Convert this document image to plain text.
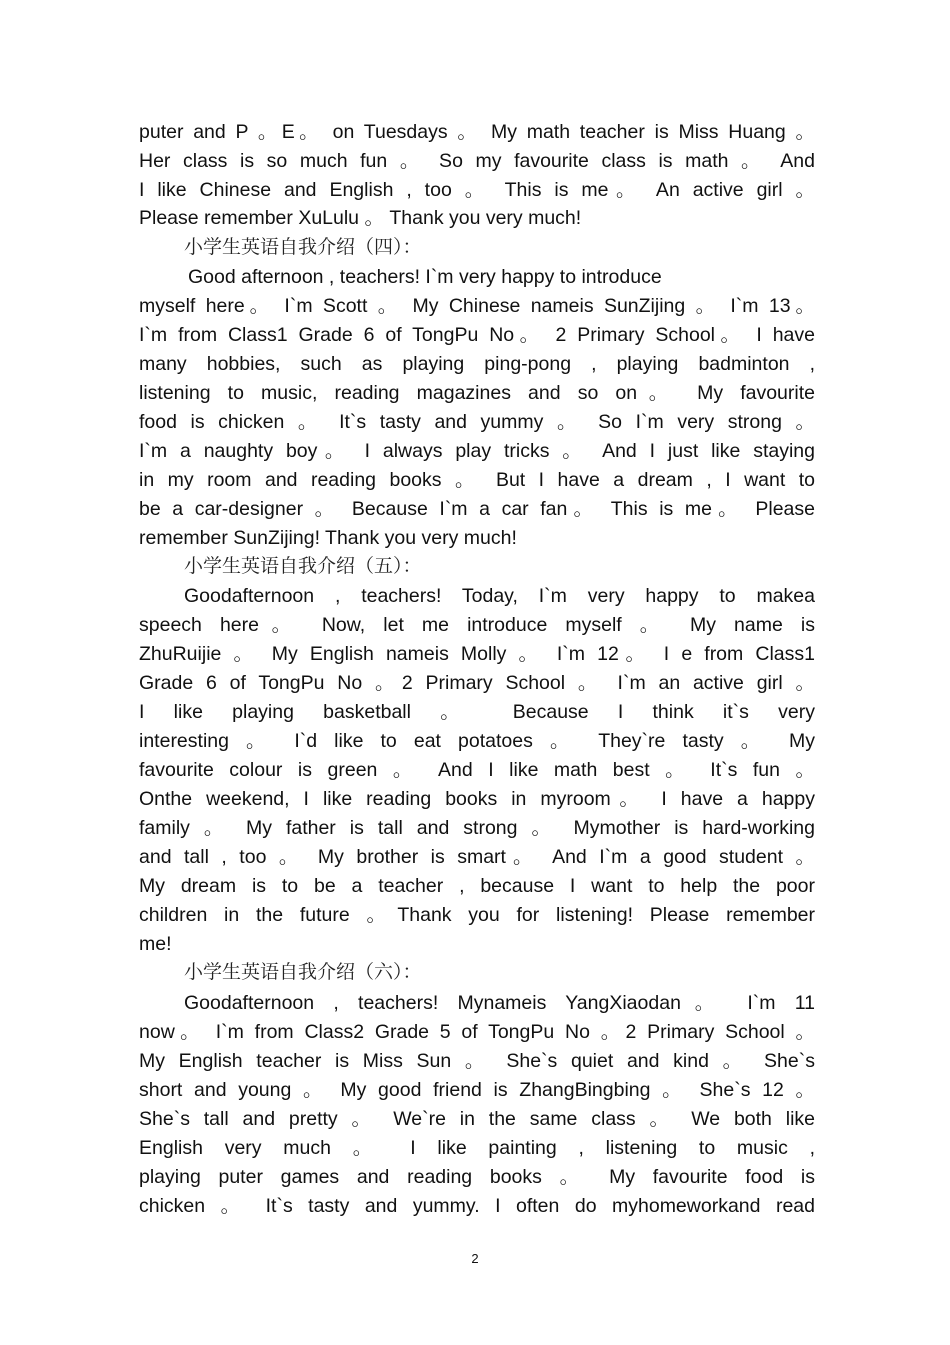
puter and P 。E。 on Tuesdays 。 My math teacher is Miss Huang 。
Her class is so much fun 。 So my favourite class is math 。 And
I like Chinese and English , too 。 This is me。 An active girl 。
Please remember XuLulu 。 Thank you very much!
小学生英语自我介绍（四）：
Good afternoon , teachers! I`m very happy to introduce
myself here。 I`m Scott 。 My Chinese nameis SunZijing 。 I`m 13。
I`m from Class1 Grade 6 of TongPu No。 2 Primary School。 I have
many hobbies, such as playing ping-pong , playing badminton ,
listening to music, reading magazines and so on。 My favourite
food is chicken 。 It`s tasty and yummy 。 So I`m very strong 。
I`m a naughty boy。 I always play tricks 。 And I just like staying
in my room and reading books 。 But I have a dream , I want to
be a car-designer 。 Because I`m a car fan。 This is me。 Please
remember SunZijing! Thank you very much!
小学生英语自我介绍（五）：
Goodafternoon , teachers! Today, I`m very happy to makea
speech here。 Now, let me introduce myself 。 My name is
ZhuRuijie 。 My English nameis Molly 。 I`m 12。 I e from Class1
Grade 6 of TongPu No 。2 Primary School 。 I`m an active girl 。
I like playing basketball 。 Because I think it`s very
interesting 。 I`d like to eat potatoes 。 They`re tasty 。 My
favourite colour is green 。 And I like math best 。 It`s fun 。
Onthe weekend, I like reading books in myroom。 I have a happy
family 。 My father is tall and strong 。 Mymother is hard-working
and tall , too 。 My brother is smart。 And I`m a good student 。
My dream is to be a teacher , because I want to help the poor
children in the future 。Thank you for listening! Please remember
me!
小学生英语自我介绍（六）：
Goodafternoon , teachers! Mynameis YangXiaodan。 I`m 11
now。 I`m from Class2 Grade 5 of TongPu No 。2 Primary School 。
My English teacher is Miss Sun 。 She`s quiet and kind 。 She`s
short and young 。 My good friend is ZhangBingbing 。 She`s 12 。
She`s tall and pretty 。 We`re in the same class 。 We both like
English very much 。 I like painting , listening to music ,
playing puter games and reading books 。 My favourite food is
chicken 。 It`s tasty and yummy. I often do myhomeworkand read
2
